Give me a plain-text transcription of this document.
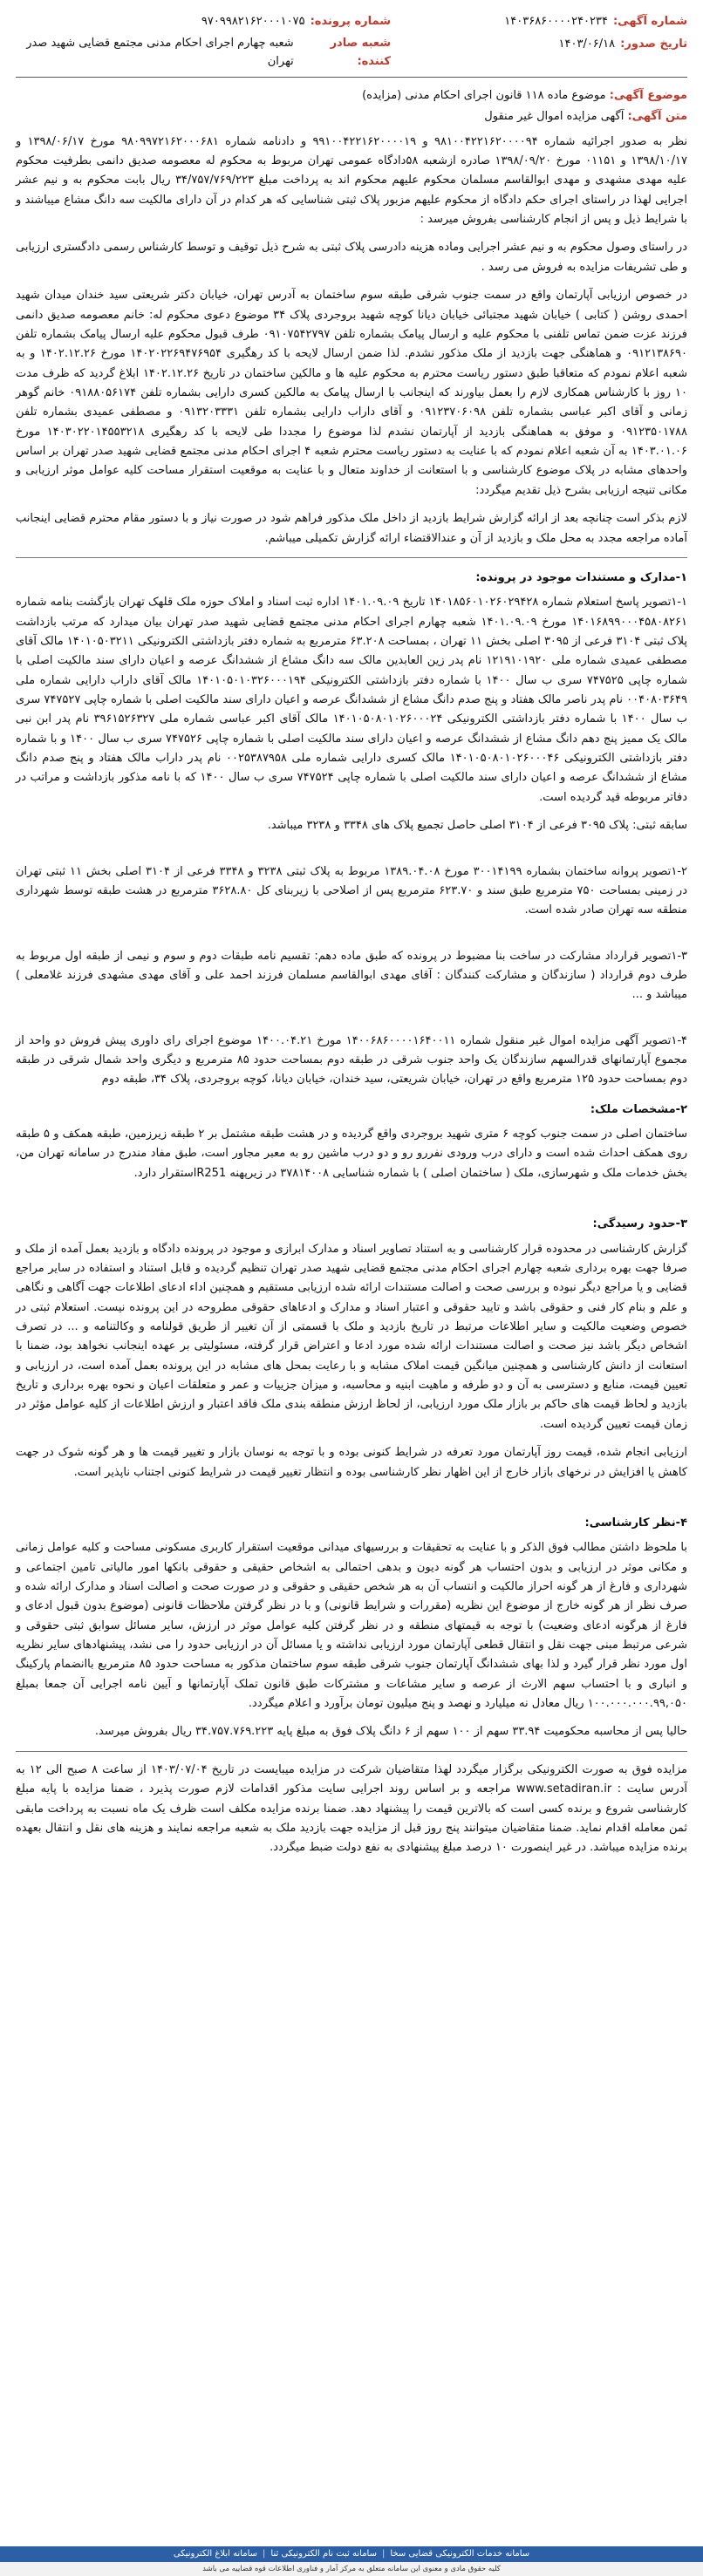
شماره آگهی:
۱۴۰۳۶۸۶۰۰۰۰۲۴۰۲۳۴
تاریخ صدور:
۱۴۰۳/۰۶/۱۸
شماره پرونده:
۹۷۰۹۹۸۲۱۶۲۰۰۰۱۰۷۵
شعبه صادر کننده:
شعبه چهارم اجرای احکام مدنی مجتمع قضایی شهید صدر تهران
موضوع آگهی: موضوع ماده ۱۱۸ قانون اجرای احکام مدنی (مزایده)
متن آگهی: آگهی مزایده اموال غیر منقول

نظر به صدور اجرائیه شماره ۹۸۱۰۰۴۲۲۱۶۲۰۰۰۰۹۴ و ۹۹۱۰۰۴۲۲۱۶۲۰۰۰۰۱۹ و دادنامه شماره ۹۸۰۹۹۷۲۱۶۲۰۰۰۶۸۱ مورخ ۱۳۹۸/۰۶/۱۷ و ۱۳۹۸/۱۰/۱۷ و ۰۱۱۵۱ مورخ ۱۳۹۸/۰۹/۲۰ صادره ازشعبه ۵۸دادگاه عمومی تهران مربوط به محکوم له معصومه صدیق دانمی بطرفیت محکوم علیه مهدی مشهدی و مهدی ابوالقاسم مسلمان محکوم علیهم محکوم اند به پرداخت مبلغ ۳۴/۷۵۷/۷۶۹/۲۲۳ ریال بابت محکوم به و نیم عشر اجرایی لهذا در راستای اجرای حکم دادگاه از محکوم علیهم مزبور پلاک ثبتی شناسایی که هر کدام در آن دارای مالکیت سه دانگ مشاع میباشند و با شرایط ذیل و پس از انجام کارشناسی بفروش میرسد :

در راستای وصول محکوم به و نیم عشر اجرایی وماده هزینه دادرسی پلاک ثبتی به شرح ذیل توقیف و توسط کارشناس رسمی دادگستری ارزیابی و طی تشریفات مزایده به فروش می رسد .

در خصوص ارزیابی آپارتمان واقع در سمت جنوب شرقی طبقه سوم ساختمان به آدرس تهران، خیابان دکتر شریعتی سید خندان میدان شهید احمدی روشن ( کتابی ) خیابان شهید مجتبائی خیابان دیانا کوچه شهید بروجردی پلاک ۳۴ موضوع دعوی محکوم له: خانم معصومه صدیق دانمی فرزند عزت ضمن تماس تلفنی با محکوم علیه و ارسال پیامک بشماره تلفن ۰۹۱۰۷۵۴۲۷۹۷ طرف قبول محکوم علیه ارسال پیامک بشماره تلفن ۰۹۱۲۱۳۸۶۹۰ و هماهنگی جهت بازدید از ملک مذکور نشدم. لذا ضمن ارسال لایحه با کد رهگیری ۱۴۰۲۰۲۲۶۹۴۷۶۹۵۴ مورخ ۱۴۰۲.۱۲.۲۶ و به شعبه اعلام نمودم که متعاقبا طبق دستور ریاست محترم به محکوم علیه ها و مالکین ساختمان در تاریخ ۱۴۰۲.۱۲.۲۶ ابلاغ گردید که ظرف مدت ۱۰ روز با کارشناس همکاری لازم را بعمل بیاورند که اینجانب با ارسال پیامک به مالکین کسری دارایی بشماره تلفن ۰۹۱۸۸۰۵۶۱۷۴ خانم گوهر زمانی و آقای اکبر عباسی بشماره تلفن ۰۹۱۲۳۷۰۶۰۹۸ و آقای داراب دارایی بشماره تلفن ۰۹۱۳۲۰۳۳۳۱ و مصطفی عمیدی بشماره تلفن ۰۹۱۲۳۵۰۱۷۸۸ و موفق به هماهنگی بازدید از آپارتمان نشدم لذا موضوع را مجددا طی لایحه با کد رهگیری ۱۴۰۳۰۲۲۰۱۴۵۵۳۲۱۸ مورخ ۱۴۰۳.۰۱.۰۶ به آن شعبه اعلام نمودم که با عنایت به دستور ریاست محترم شعبه ۴ اجرای احکام مدنی مجتمع قضایی شهید صدر تهران بر اساس واحدهای مشابه در پلاک موضوع کارشناسی و با استعانت از خداوند متعال و با عنایت به موقعیت استقرار مساحت کلیه عوامل موثر ارزیابی و مکانی تنیجه ارزیابی بشرح ذیل تقدیم میگردد:

لازم بذکر است چنانچه بعد از ارائه گزارش شرایط بازدید از داخل ملک مذکور فراهم شود در صورت نیاز و با دستور مقام محترم قضایی اینجانب آماده مراجعه مجدد به محل ملک و بازدید از آن و عندالاقتضاء ارائه گزارش تکمیلی میباشم.

۱-مدارک و مستندات موجود در پرونده:

۱-۱تصویر پاسخ استعلام شماره ۱۴۰۱۸۵۶۰۱۰۲۶۰۲۹۴۲۸ تاریخ ۱۴۰۱.۰۹.۰۹ اداره ثبت اسناد و املاک حوزه ملک قلهک تهران بازگشت بنامه شماره ۱۴۰۱۶۸۹۹۰۰۰۴۵۸۰۸۲۶۱ مورخ ۱۴۰۱.۰۹.۰۹ شعبه چهارم اجرای احکام مدنی مجتمع قضایی شهید صدر تهران بیان میدارد که مرتب بازداشت پلاک ثبتی ۳۱۰۴ فرعی از ۳۰۹۵ اصلی بخش ۱۱ تهران ، بمساحت ۶۳.۲۰۸ مترمربع به شماره دفتر بازداشتی الکترونیکی ۱۴۰۱۰۵۰۳۲۱۱ مالک آقای مصطفی عمیدی شماره ملی ۱۲۱۹۱۰۱۹۲۰ نام پدر زین العابدین مالک سه دانگ مشاع از ششدانگ عرصه و اعیان دارای سند مالکیت اصلی با شماره چاپی ۷۴۷۵۲۵ سری ب سال ۱۴۰۰ با شماره دفتر بازداشتی الکترونیکی ۱۴۰۱۰۵۰۱۰۳۲۶۰۰۰۱۹۴ مالک آقای داراب دارایی شماره ملی ۰۰۴۰۸۰۳۶۴۹ نام پدر ناصر مالک هفتاد و پنج صدم دانگ مشاع از ششدانگ عرصه و اعیان دارای سند مالکیت اصلی با شماره چاپی ۷۴۷۵۲۷ سری ب سال ۱۴۰۰ با شماره دفتر بازداشتی الکترونیکی ۱۴۰۱۰۵۰۸۰۱۰۲۶۰۰۰۲۴ مالک آقای اکبر عباسی شماره ملی ۳۹۶۱۵۲۶۳۲۷ نام پدر ابن نبی مالک یک ممیز پنج دهم دانگ مشاع از ششدانگ عرصه و اعیان دارای سند مالکیت اصلی با شماره چاپی ۷۴۷۵۲۶ سری ب سال ۱۴۰۰ و با شماره دفتر بازداشتی الکترونیکی ۱۴۰۱۰۵۰۸۰۱۰۲۶۰۰۰۴۶ مالک کسری دارایی شماره ملی ۰۰۲۵۳۸۷۹۵۸ نام پدر داراب مالک هفتاد و پنج صدم دانگ مشاع از ششدانگ عرصه و اعیان دارای سند مالکیت اصلی با شماره چاپی ۷۴۷۵۲۴ سری ب سال ۱۴۰۰ که با نامه مذکور بازداشت و مراتب در دفاتر مربوطه قید گردیده است.

سابقه ثبتی: پلاک ۳۰۹۵ فرعی از ۳۱۰۴ اصلی حاصل تجمیع پلاک های ۳۳۴۸ و ۳۲۳۸ میباشد.

۱-۲تصویر پروانه ساختمان بشماره ۳۰۰۱۴۱۹۹ مورخ ۱۳۸۹.۰۴.۰۸ مربوط به پلاک ثبتی ۳۲۳۸ و ۳۳۴۸ فرعی از ۳۱۰۴ اصلی بخش ۱۱ ثبتی تهران در زمینی بمساحت ۷۵۰ مترمربع طبق سند و ۶۲۳.۷۰ مترمربع پس از اصلاحی با زیربنای کل ۳۶۲۸.۸۰ مترمربع در هشت طبقه توسط شهرداری منطقه سه تهران صادر شده است.

۱-۳تصویر قرارداد مشارکت در ساخت بنا مضبوط در پرونده که طبق ماده دهم: تقسیم نامه طبقات دوم و سوم و نیمی از طبقه اول مربوط به طرف دوم قرارداد ( سازندگان و مشارکت کنندگان : آقای مهدی ابوالقاسم مسلمان فرزند احمد علی و آقای مهدی مشهدی فرزند غلامعلی ) میباشد و ...

۱-۴تصویر آگهی مزایده اموال غیر منقول شماره ۱۴۰۰۶۸۶۰۰۰۰۱۶۴۰۰۱۱ مورخ ۱۴۰۰.۰۴.۲۱ موضوع اجرای رای داوری پیش فروش دو واحد از مجموع آپارتمانهای قدرالسهم سازندگان یک واحد جنوب شرقی در طبقه دوم بمساحت حدود ۸۵ مترمربع و دیگری واحد شمال شرقی در طبقه دوم بمساحت حدود ۱۲۵ مترمربع واقع در تهران، خیابان شریعتی، سید خندان، خیابان دیانا، کوچه بروجردی، پلاک ۳۴، طبقه دوم

۲-مشخصات ملک:

ساختمان اصلی در سمت جنوب کوچه ۶ متری شهید بروجردی واقع گردیده و در هشت طبقه مشتمل بر ۲ طبقه زیرزمین، طبقه همکف و ۵ طبقه روی همکف احداث شده است و دارای درب ورودی نفررو رو و دو درب ماشین رو به معبر مجاور است، طبق مفاد مندرج در سامانه تهران من، بخش خدمات ملک و شهرسازی، ملک ( ساختمان اصلی ) با شماره شناسایی ۳۷۸۱۴۰۰۸ در زیرپهنه R251استقرار دارد.

۳-حدود رسیدگی:

گزارش کارشناسی در محدوده قرار کارشناسی و به استناد تصاویر اسناد و مدارک ابرازی و موجود در پرونده دادگاه و بازدید بعمل آمده از ملک و صرفا جهت بهره برداری شعبه چهارم اجرای احکام مدنی مجتمع قضایی شهید صدر تهران تنظیم گردیده و قابل استناد و استفاده در سایر مراجع قضایی و یا مراجع دیگر نبوده و بررسی صحت و اصالت مستندات ارائه شده ارزیابی مستقیم و همچنین اداء ادعای اطلاعات جهت آگاهی و نگاهی و علم و بنام کار فنی و حقوقی باشد و تایید حقوقی و اعتبار اسناد و مدارک و ادعاهای حقوقی مطروحه در این پرونده نیست. استعلام ثبتی در خصوص وضعیت مالکیت و سایر اطلاعات مرتبط در تاریخ بازدید و ملک با قسمتی از آن تغییر از طریق قولنامه و وکالتنامه و ... در تصرف اشخاص دیگر باشد نیز صحت و اصالت مستندات ارائه شده مورد ادعا و اعتراض قرار گرفته، مسئولیتی بر عهده اینجانب نخواهد بود، ضمنا با استعانت از دانش کارشناسی و همچنین میانگین قیمت املاک مشابه و با رعایت بمحل های مشابه در این پرونده بعمل آمده است، در ارزیابی و تعیین قیمت، منابع و دسترسی به آن و دو طرفه و ماهیت ابنیه و محاسبه، و میزان جزییات و عمر و متعلقات اعیان و نحوه بهره برداری و تاریخ بازدید و لحاظ قیمت های حاکم بر بازار ملک مورد ارزیابی، از لحاظ ارزش منطقه بندی ملک فاقد اعتبار و ارزش اطلاعات از کلیه عوامل مؤثر در زمان قیمت تعیین گردیده است.

ارزیابی انجام شده، قیمت روز آپارتمان مورد تعرفه در شرایط کنونی بوده و با توجه به نوسان بازار و تغییر قیمت ها و هر گونه شوک در جهت کاهش یا افزایش در نرخهای بازار خارج از این اظهار نظر کارشناسی بوده و انتظار تغییر قیمت در شرایط کنونی اجتناب ناپذیر است.

۴-نظر کارشناسی:

با ملحوظ داشتن مطالب فوق الذکر و با عنایت به تحقیقات و بررسیهای میدانی موقعیت استقرار کاربری مسکونی مساحت و کلیه عوامل زمانی و مکانی موثر در ارزیابی و بدون احتساب هر گونه دیون و بدهی احتمالی به اشخاص حقیقی و حقوقی بانکها امور مالیاتی تامین اجتماعی و شهرداری و فارغ از هر گونه احراز مالکیت و انتساب آن به هر شخص حقیقی و حقوقی و در صورت صحت و اصالت اسناد و مدارک ارائه شده و صرف نظر از هر گونه خارج از موضوع این نظریه (مقررات و شرایط قانونی) و با در نظر گرفتن ملاحظات قانونی (موضوع بدون قبول ادعای و فارغ از هرگونه ادعای وضعیت) با توجه به قیمتهای منطقه و در نظر گرفتن کلیه عوامل موثر در ارزش، سایر مسائل سوابق ثبتی حقوقی و شرعی مرتبط مبنی جهت نقل و انتقال قطعی آپارتمان مورد ارزیابی نداشته و یا مسائل آن در ارزیابی حدود را می نشد، پیشنهادهای سایر نظریه اول مورد نظر قرار گیرد و لذا بهای ششدانگ آپارتمان جنوب شرقی طبقه سوم ساختمان مذکور به مساحت حدود ۸۵ مترمربع باانضمام پارکینگ و انباری و با احتساب سهم الارث از عرصه و سایر مشاعات و مشترکات طبق قانون تملک آپارتمانها و آیین نامه اجرایی آن جمعا بمبلغ ۱۰۰.۰۰۰.۰۰۰.۹۹,۰۵۰ ریال معادل نه میلیارد و نهصد و پنج میلیون تومان برآورد و اعلام میگردد.

حالیا پس از محاسبه محکومیت ۳۳.۹۴ سهم از ۱۰۰ سهم از ۶ دانگ پلاک فوق به مبلغ پایه ۳۴.۷۵۷.۷۶۹.۲۲۳ ریال بفروش میرسد.

مزایده فوق به صورت الکترونیکی برگزار میگردد لهذا متقاضیان شرکت در مزایده میبایست در تاریخ ۱۴۰۳/۰۷/۰۴ از ساعت ۸ صبح الی ۱۲ به آدرس سایت : www.setadiran.ir مراجعه و بر اساس روند اجرایی سایت مذکور اقدامات لازم صورت پذیرد ، ضمنا مزایده با پایه مبلغ کارشناسی شروع و برنده کسی است که بالاترین قیمت را پیشنهاد دهد. ضمنا برنده مزایده مکلف است ظرف یک ماه نسبت به پرداخت مابقی ثمن معامله اقدام نماید. ضمنا متقاضیان میتوانند پنج روز قبل از مزایده جهت بازدید ملک به شعبه مراجعه نمایند و هزینه های نقل و انتقال بعهده برنده مزایده میباشد. در غیر اینصورت ۱۰ درصد مبلغ پیشنهادی به نفع دولت ضبط میگردد.

سامانه خدمات الکترونیکی قضایی سخا
|
سامانه ثبت نام الکترونیکی ثنا
|
سامانه ابلاغ الکترونیکی
کلیه حقوق مادی و معنوی این سامانه متعلق به مرکز آمار و فناوری اطلاعات قوه قضاییه می باشد
